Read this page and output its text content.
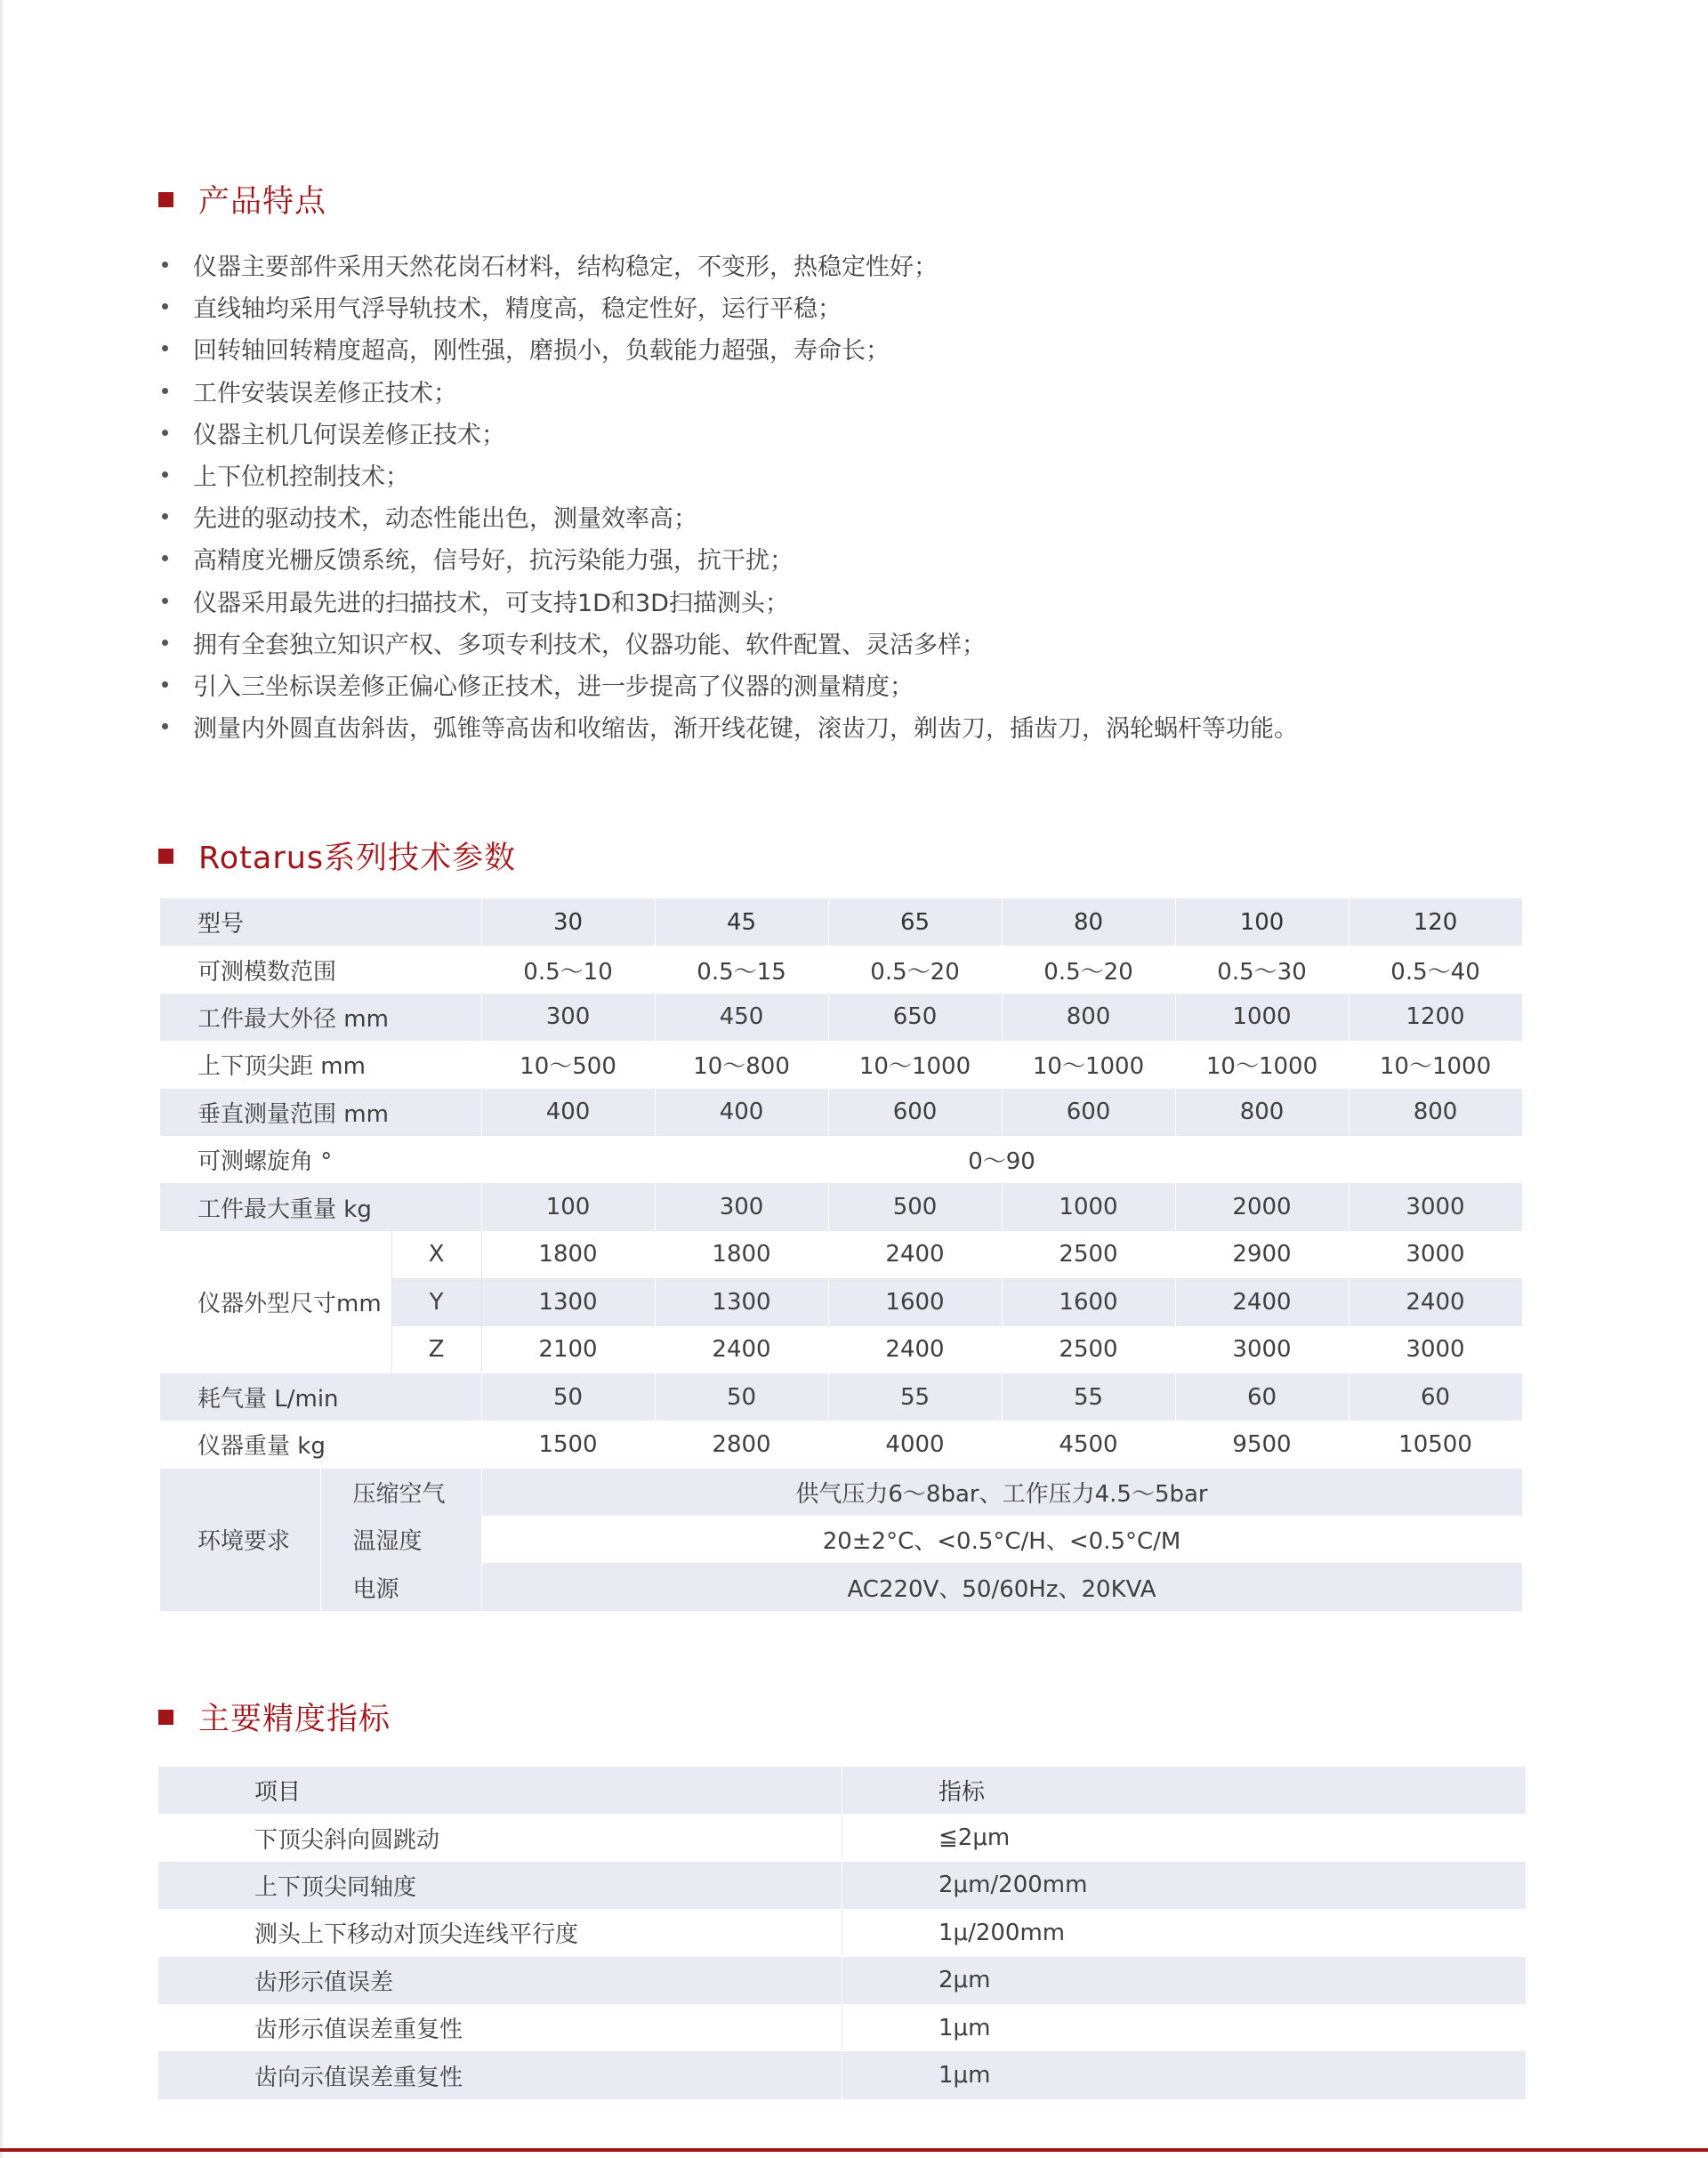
产品特点
仪器主要部件采用天然花岗石材料，结构稳定，不变形，热稳定性好；
直线轴均采用气浮导轨技术，精度高，稳定性好，运行平稳；
回转轴回转精度超高，刚性强，磨损小，负载能力超强，寿命长；
工件安装误差修正技术；
仪器主机几何误差修正技术；
上下位机控制技术；
先进的驱动技术，动态性能出色，测量效率高；
高精度光栅反馈系统，信号好，抗污染能力强，抗干扰；
仪器采用最先进的扫描技术，可支持1D和3D扫描测头；
拥有全套独立知识产权、多项专利技术，仪器功能、软件配置、灵活多样；
引入三坐标误差修正偏心修正技术，进一步提高了仪器的测量精度；
测量内外圆直齿斜齿，弧锥等高齿和收缩齿，渐开线花键，滚齿刀，剃齿刀，插齿刀，涡轮蜗杆等功能。
Rotarus系列技术参数
型号			30	45	65	80	100	120
可测模数范围			0.5～10	0.5～15	0.5～20	0.5～20	0.5～30	0.5～40
工件最大外径 mm			300	450	650	800	1000	1200
上下顶尖距 mm			10～500	10～800	10～1000	10～1000	10～1000	10～1000
垂直测量范围 mm			400	400	600	600	800	800
可测螺旋角 °			0～90					
工件最大重量 kg			100	300	500	1000	2000	3000
仪器外型尺寸mm		X	1800	1800	2400	2500	2900	3000
		Y	1300	1300	1600	1600	2400	2400
		Z	2100	2400	2400	2500	3000	3000
耗气量 L/min			50	50	55	55	60	60
仪器重量 kg			1500	2800	4000	4500	9500	10500
环境要求	压缩空气		供气压力6～8bar、工作压力4.5～5bar					
	温湿度		20±2°C、<0.5°C/H、<0.5°C/M					
	电源		AC220V、50/60Hz、20KVA					
主要精度指标
项目	指标
下顶尖斜向圆跳动	≦2μm
上下顶尖同轴度	2μm/200mm
测头上下移动对顶尖连线平行度	1μ/200mm
齿形示值误差	2μm
齿形示值误差重复性	1μm
齿向示值误差重复性	1μm
